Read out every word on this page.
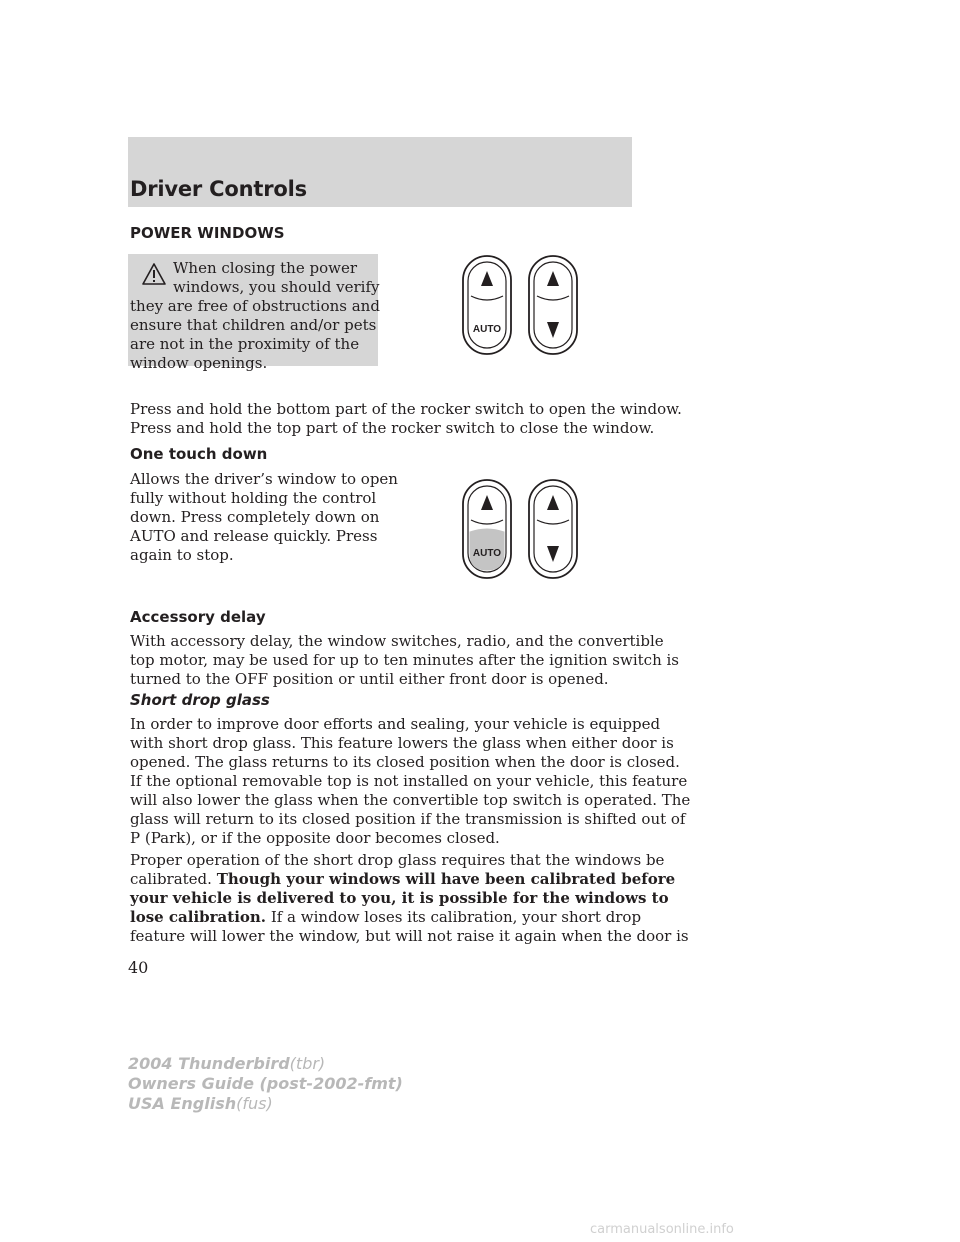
Driver Controls
POWER WINDOWS
When closing the power
windows, you should verify
they are free of obstructions and
ensure that children and/or pets
are not in the proximity of the
window openings.
AUTO
Press and hold the bottom part of the rocker switch to open the window.
Press and hold the top part of the rocker switch to close the window.
One touch down
Allows the driver’s window to open
fully without holding the control
down. Press completely down on
AUTO and release quickly. Press
again to stop.	AUTO
Accessory delay
With accessory delay, the window switches, radio, and the convertible
top motor, may be used for up to ten minutes after the ignition switch is
turned to the OFF position or until either front door is opened.
Short drop glass
In order to improve door efforts and sealing, your vehicle is equipped
with short drop glass. This feature lowers the glass when either door is
opened. The glass returns to its closed position when the door is closed.
If the optional removable top is not installed on your vehicle, this feature
will also lower the glass when the convertible top switch is operated. The
glass will return to its closed position if the transmission is shifted out of
P (Park), or if the opposite door becomes closed.
Proper operation of the short drop glass requires that the windows be
calibrated. Though your windows will have been calibrated before
your vehicle is delivered to you, it is possible for the windows to
lose calibration. If a window loses its calibration, your short drop
feature will lower the window, but will not raise it again when the door is
40
2004 Thunderbird(tbr)
Owners Guide (post-2002-fmt)
USA English(fus)
carmanualsonline.info
